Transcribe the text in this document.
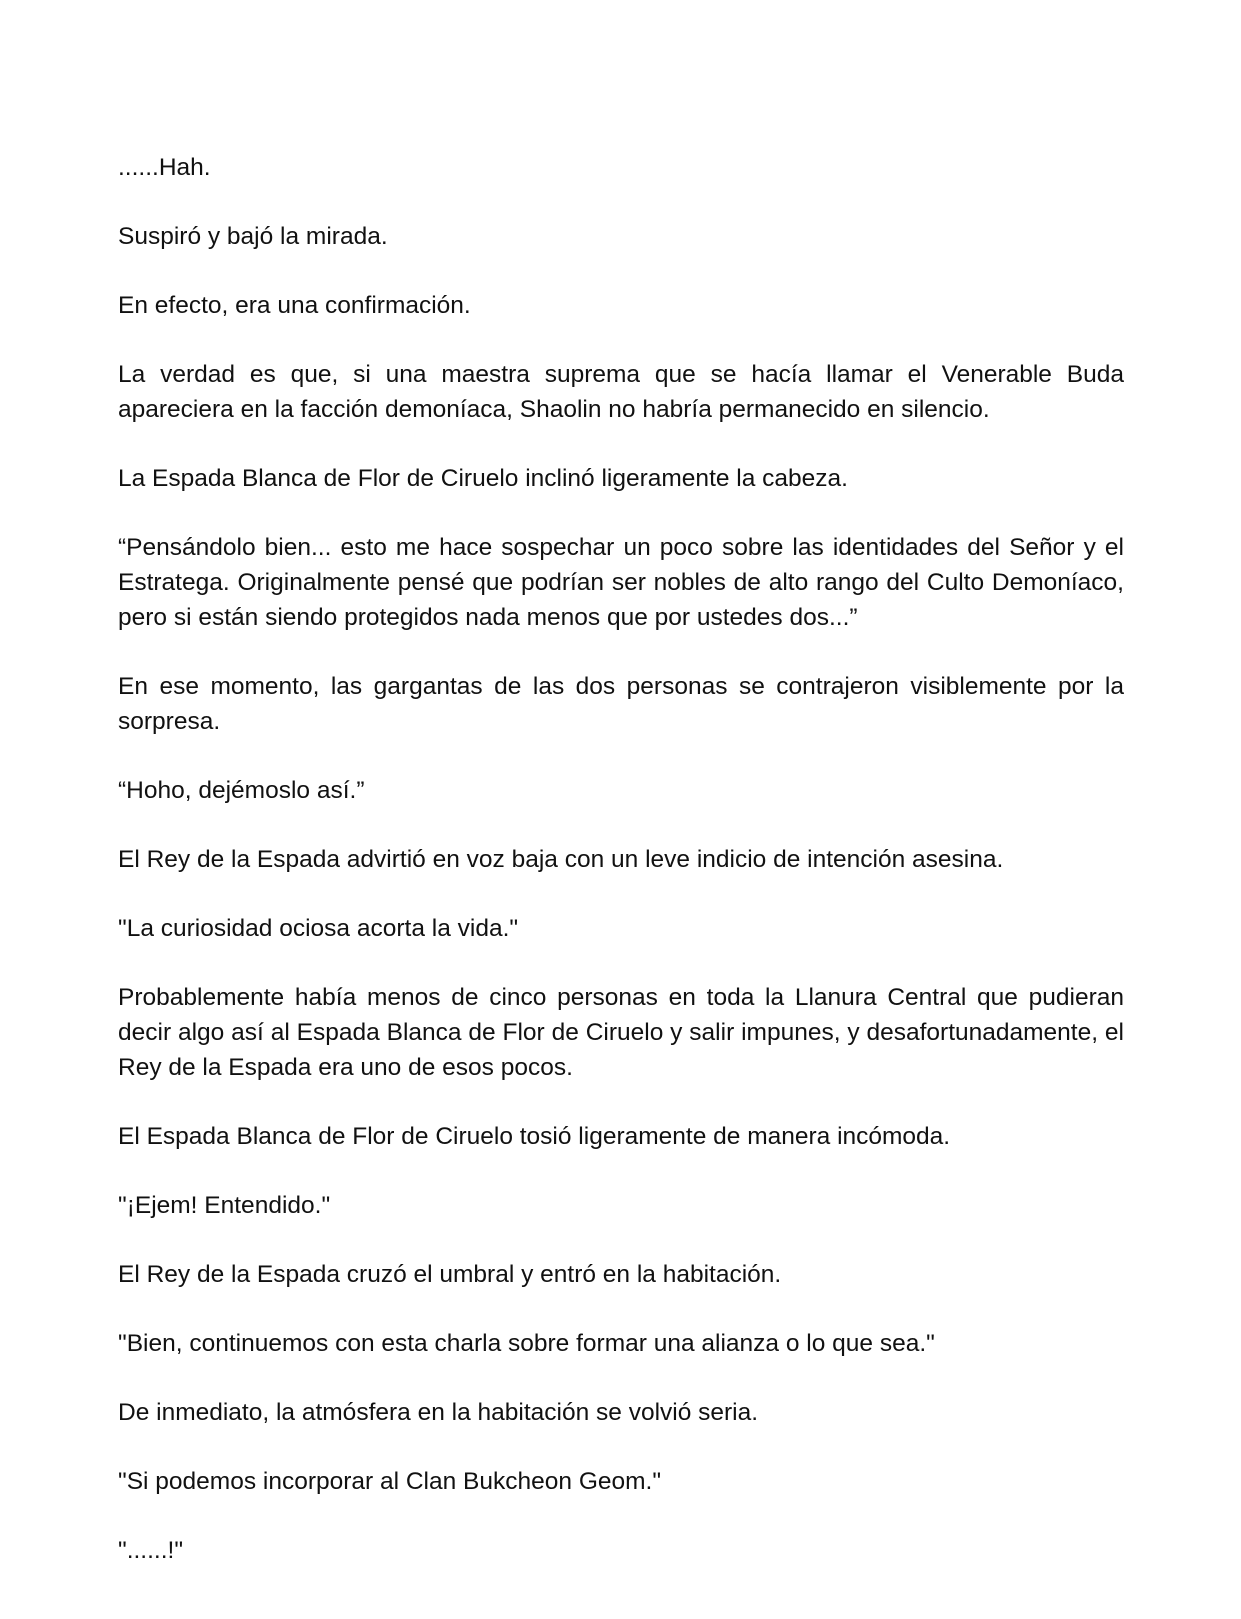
......Hah.

Suspiró y bajó la mirada.

En efecto, era una confirmación.

La verdad es que, si una maestra suprema que se hacía llamar el Venerable Buda apareciera en la facción demoníaca, Shaolin no habría permanecido en silencio.

La Espada Blanca de Flor de Ciruelo inclinó ligeramente la cabeza.

“Pensándolo bien... esto me hace sospechar un poco sobre las identidades del Señor y el Estratega. Originalmente pensé que podrían ser nobles de alto rango del Culto Demoníaco, pero si están siendo protegidos nada menos que por ustedes dos...”

En ese momento, las gargantas de las dos personas se contrajeron visiblemente por la sorpresa.

“Hoho, dejémoslo así.”

El Rey de la Espada advirtió en voz baja con un leve indicio de intención asesina.

"La curiosidad ociosa acorta la vida."

Probablemente había menos de cinco personas en toda la Llanura Central que pudieran decir algo así al Espada Blanca de Flor de Ciruelo y salir impunes, y desafortunadamente, el Rey de la Espada era uno de esos pocos.

El Espada Blanca de Flor de Ciruelo tosió ligeramente de manera incómoda.

"¡Ejem! Entendido."

El Rey de la Espada cruzó el umbral y entró en la habitación.

"Bien, continuemos con esta charla sobre formar una alianza o lo que sea."

De inmediato, la atmósfera en la habitación se volvió seria.

"Si podemos incorporar al Clan Bukcheon Geom."

"......!"
